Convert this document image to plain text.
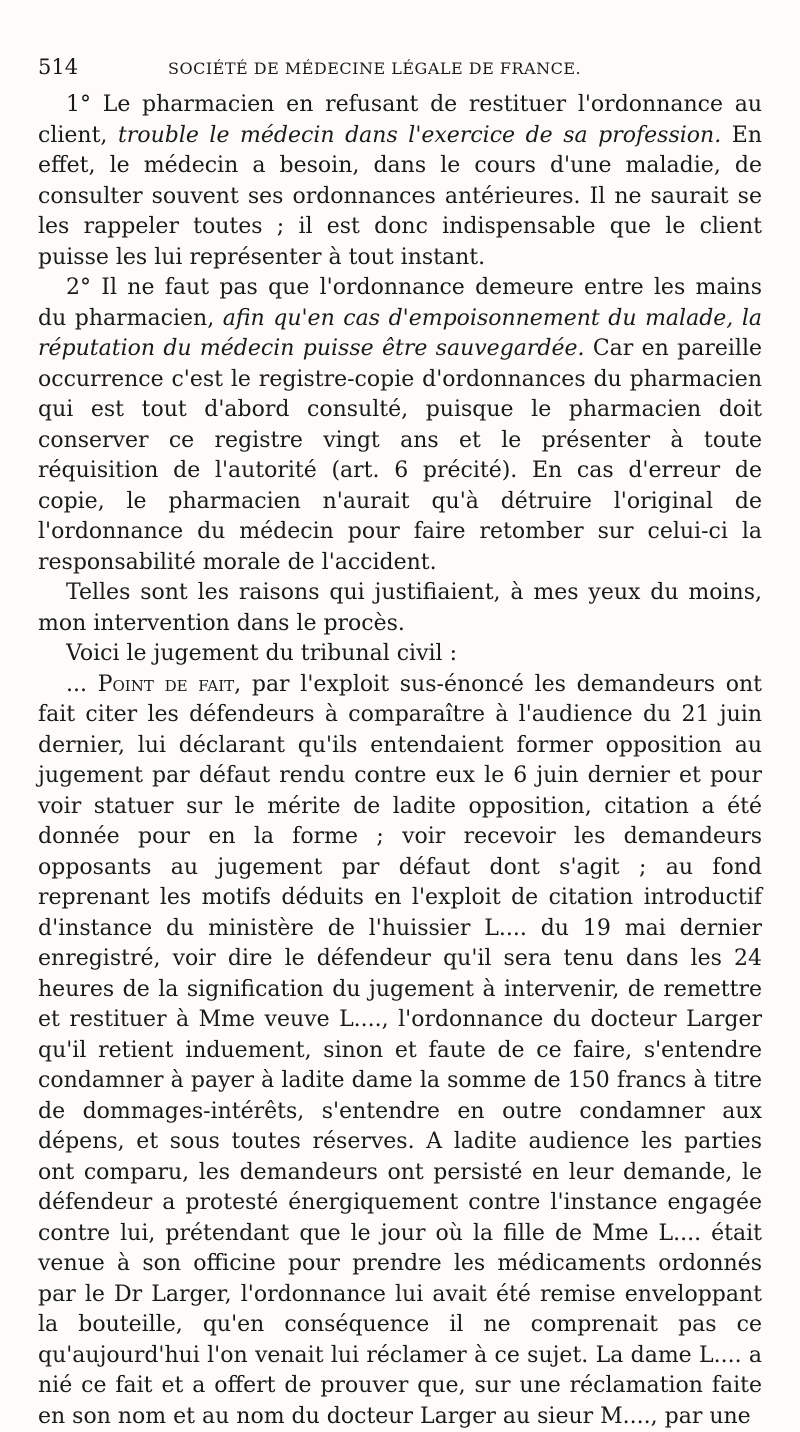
514	SOCIÉTÉ DE MÉDECINE LÉGALE DE FRANCE.

1° Le pharmacien en refusant de restituer l'ordonnance au client, trouble le médecin dans l'exercice de sa profession. En effet, le médecin a besoin, dans le cours d'une maladie, de consulter souvent ses ordonnances antérieures. Il ne saurait se les rappeler toutes ; il est donc indispensable que le client puisse les lui représenter à tout instant.

2° Il ne faut pas que l'ordonnance demeure entre les mains du pharmacien, afin qu'en cas d'empoisonnement du malade, la réputation du médecin puisse être sauvegardée. Car en pareille occurrence c'est le registre-copie d'ordonnances du pharmacien qui est tout d'abord consulté, puisque le pharmacien doit conserver ce registre vingt ans et le présenter à toute réquisition de l'autorité (art. 6 précité). En cas d'erreur de copie, le pharmacien n'aurait qu'à détruire l'original de l'ordonnance du médecin pour faire retomber sur celui-ci la responsabilité morale de l'accident.

Telles sont les raisons qui justifiaient, à mes yeux du moins, mon intervention dans le procès.

Voici le jugement du tribunal civil :

... Point de fait, par l'exploit sus-énoncé les demandeurs ont fait citer les défendeurs à comparaître à l'audience du 21 juin dernier, lui déclarant qu'ils entendaient former opposition au jugement par défaut rendu contre eux le 6 juin dernier et pour voir statuer sur le mérite de ladite opposition, citation a été donnée pour en la forme ; voir recevoir les demandeurs opposants au jugement par défaut dont s'agit ; au fond reprenant les motifs déduits en l'exploit de citation introductif d'instance du ministère de l'huissier L.... du 19 mai dernier enregistré, voir dire le défendeur qu'il sera tenu dans les 24 heures de la signification du jugement à intervenir, de remettre et restituer à Mme veuve L...., l'ordonnance du docteur Larger qu'il retient induement, sinon et faute de ce faire, s'entendre condamner à payer à ladite dame la somme de 150 francs à titre de dommages-intérêts, s'entendre en outre condamner aux dépens, et sous toutes réserves. A ladite audience les parties ont comparu, les demandeurs ont persisté en leur demande, le défendeur a protesté énergiquement contre l'instance engagée contre lui, prétendant que le jour où la fille de Mme L.... était venue à son officine pour prendre les médicaments ordonnés par le Dr Larger, l'ordonnance lui avait été remise enveloppant la bouteille, qu'en conséquence il ne comprenait pas ce qu'aujourd'hui l'on venait lui réclamer à ce sujet. La dame L.... a nié ce fait et a offert de prouver que, sur une réclamation faite en son nom et au nom du docteur Larger au sieur M...., par une
